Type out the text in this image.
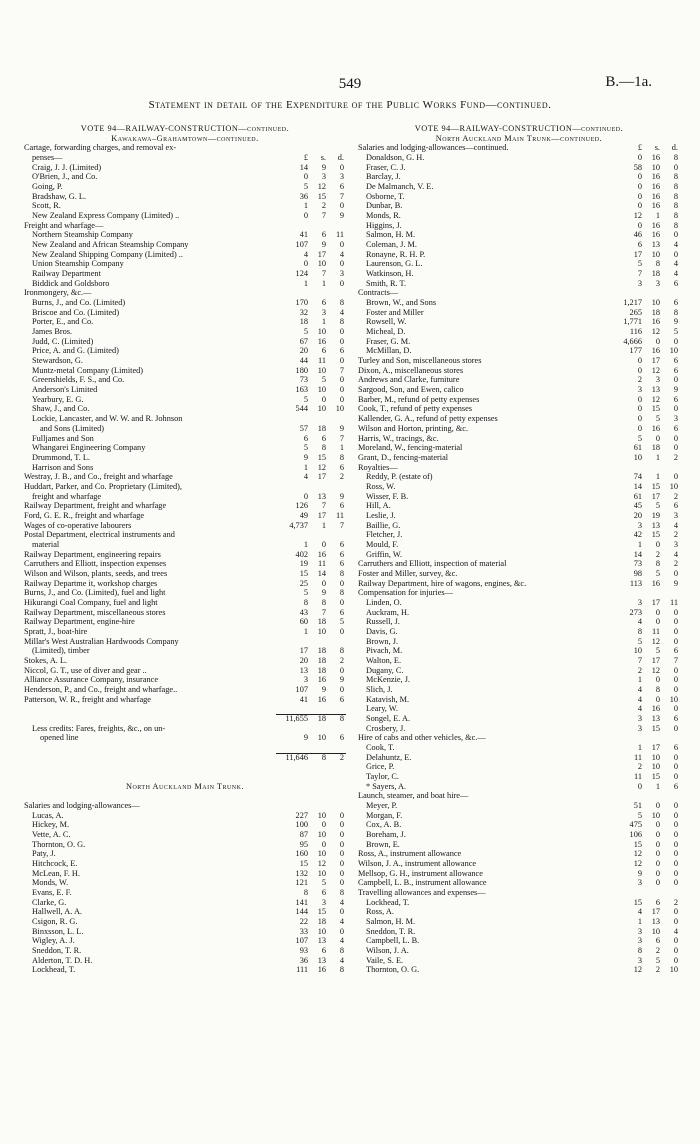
549	B.—1a.
Statement in detail of the Expenditure of the Public Works Fund—continued.
VOTE 94—RAILWAY-CONSTRUCTION—continued.
Kawakawa–Grahamtown—continued.
Cartage, forwarding charges, and removal ex-
penses—	£ s. d.
Craig, J. J. (Limited)	14 9 0
O'Brien, J., and Co.	0 3 3
Going, P.	5 12 6
Bradshaw, G. L.	36 15 7
Scott, R.	1 2 0
New Zealand Express Company (Limited) ..	0 7 9
Freight and wharfage—
Northern Steamship Company	41 6 11
New Zealand and African Steamship Company	107 9 0
New Zealand Shipping Company (Limited) ..	4 17 4
Union Steamship Company	0 10 0
Railway Department	124 7 3
Biddick and Goldsboro	1 1 0
Ironmongery, &c.—
Burns, J., and Co. (Limited)	170 6 8
Briscoe and Co. (Limited)	32 3 4
Porter, E., and Co.	18 1 8
James Bros.	5 10 0
Judd, C. (Limited)	67 16 0
Price, A. and G. (Limited)	20 6 6
Stewardson, G.	44 11 0
Muntz-metal Company (Limited)	180 10 7
Greenshields, F. S., and Co.	73 5 0
Anderson's Limited	163 10 0
Yearbury, E. G.	5 0 0
Shaw, J., and Co.	544 10 10
Lockie, Lancaster, and W. W. and R. Johnson
and Sons (Limited)	57 18 9
Fulljames and Son	6 6 7
Whangarei Engineering Company	5 8 1
Drummond, T. L.	9 15 8
Harrison and Sons	1 12 6
Westray, J. B., and Co., freight and wharfage	4 17 2
Huddart, Parker, and Co. Proprietary (Limited),
freight and wharfage	0 13 9
Railway Department, freight and wharfage	126 7 6
Ford, G. E. R., freight and wharfage	49 17 11
Wages of co-operative labourers	4,737 1 7
Postal Department, electrical instruments and
material	1 0 6
Railway Department, engineering repairs	402 16 6
Carruthers and Elliott, inspection expenses	19 11 6
Wilson and Wilson, plants, seeds, and trees	15 14 8
Railway Departme it, workshop charges	25 0 0
Burns, J., and Co. (Limited), fuel and light	5 9 8
Hikurangi Coal Company, fuel and light	8 8 0
Railway Department, miscellaneous stores	43 7 6
Railway Department, engine-hire	60 18 5
Spratt, J., boat-hire	1 10 0
Millar's West Australian Hardwoods Company
(Limited), timber	17 18 8
Stokes, A. L.	20 18 2
Niccol, G. T., use of diver and gear ..	13 18 0
Alliance Assurance Company, insurance	3 16 9
Henderson, P., and Co., freight and wharfage..	107 9 0
Patterson, W. R., freight and wharfage	41 16 6
11,655 18 8
Less credits: Fares, freights, &c., on un-
opened line	9 10 6
11,646 8 2
North Auckland Main Trunk.
Salaries and lodging-allowances—
Lucas, A.	227 10 0
Hickey, M.	100 0 0
Vette, A. C.	87 10 0
Thornton, O. G.	95 0 0
Paty, J.	160 10 0
Hitchcock, E.	15 12 0
McLean, F. H.	132 10 0
Monds, W.	121 5 0
Evans, E. F.	8 6 8
Clarke, G.	141 3 4
Hallwell, A. A.	144 15 0
Csigon, R. G.	22 18 4
Binxsson, L. L.	33 10 0
Wigley, A. J.	107 13 4
Sneddon, T. R.	93 6 8
Alderton, T. D. H.	36 13 4
Lockhead, T.	111 16 8
VOTE 94—RAILWAY-CONSTRUCTION—continued.
North Auckland Main Trunk—continued.
Salaries and lodging-allowances—continued.	£ s. d.
Donaldson, G. H.	0 16 8
Fraser, C. J.	58 10 0
Barclay, J.	0 16 8
De Malmanch, V. E.	0 16 8
Osborne, T.	0 16 8
Dunbar, B.	0 16 8
Monds, R.	12 1 8
Higgins, J.	0 16 8
Salmon, H. M.	46 16 0
Coleman, J. M.	6 13 4
Ronayne, R. H. P.	17 10 0
Laurenson, G. L.	5 8 4
Watkinson, H.	7 18 4
Smith, R. T.	3 3 6
Contracts—
Brown, W., and Sons	1,217 10 6
Foster and Miller	265 18 8
Rowsell, W.	1,771 16 9
Micheal, D.	116 12 5
Fraser, G. M.	4,666 0 0
McMillan, D.	177 16 10
Turley and Son, miscellaneous stores	0 17 6
Dixon, A., miscellaneous stores	0 12 6
Andrews and Clarke, furniture	2 3 0
Sargood, Son, and Ewen, calico	3 13 9
Barber, M., refund of petty expenses	0 12 6
Cook, T., refund of petty expenses	0 15 0
Kallender, G. A., refund of petty expenses	0 5 3
Wilson and Horton, printing, &c.	0 16 6
Harris, W., tracings, &c.	5 0 0
Moreland, W., fencing-material	61 18 0
Grant, D., fencing-material	10 1 2
Royalties—
Reddy, P. (estate of)	74 1 0
Ross, W.	14 15 10
Wisser, F. B.	61 17 2
Hill, A.	45 5 6
Leslie, J.	20 19 3
Baillie, G.	3 13 4
Fletcher, J.	42 15 2
Mould, F.	1 0 3
Griffin, W.	14 2 4
Carruthers and Elliott, inspection of material	73 8 2
Foster and Miller, survey, &c.	98 5 0
Railway Department, hire of wagons, engines, &c.	113 16 9
Compensation for injuries—
Linden, O.	3 17 11
Auckram, H.	273 0 0
Russell, J.	4 0 0
Davis, G.	8 11 0
Brown, J.	5 12 0
Pivach, M.	10 5 6
Walton, E.	7 17 7
Dugany, C.	2 12 0
McKenzie, J.	1 0 0
Slich, J.	4 8 0
Katavish, M.	4 0 10
Leary, W.	4 16 0
Songel, E. A.	3 13 6
Crosbery, J.	3 15 0
Hire of cabs and other vehicles, &c.—
Cook, T.	1 17 6
Delahuntz, E.	11 10 0
Grice, P.	2 10 0
Taylor, C.	11 15 0
* Sayers, A.	0 1 6
Launch, steamer, and boat hire—
Meyer, P.	51 0 0
Morgan, F.	5 10 0
Cox, A. B.	475 0 0
Boreham, J.	106 0 0
Brown, E.	15 0 0
Ross, A., instrument allowance	12 0 0
Wilson, J. A., instrument allowance	12 0 0
Mellsop, G. H., instrument allowance	9 0 0
Campbell, L. B., instrument allowance	3 0 0
Travelling allowances and expenses—
Lockhead, T.	15 6 2
Ross, A.	4 17 0
Salmon, H. M.	1 13 0
Sneddon, T. R.	3 10 4
Campbell, L. B.	3 6 0
Wilson, J. A.	8 2 0
Vaile, S. E.	3 5 0
Thornton, O. G.	12 2 10
